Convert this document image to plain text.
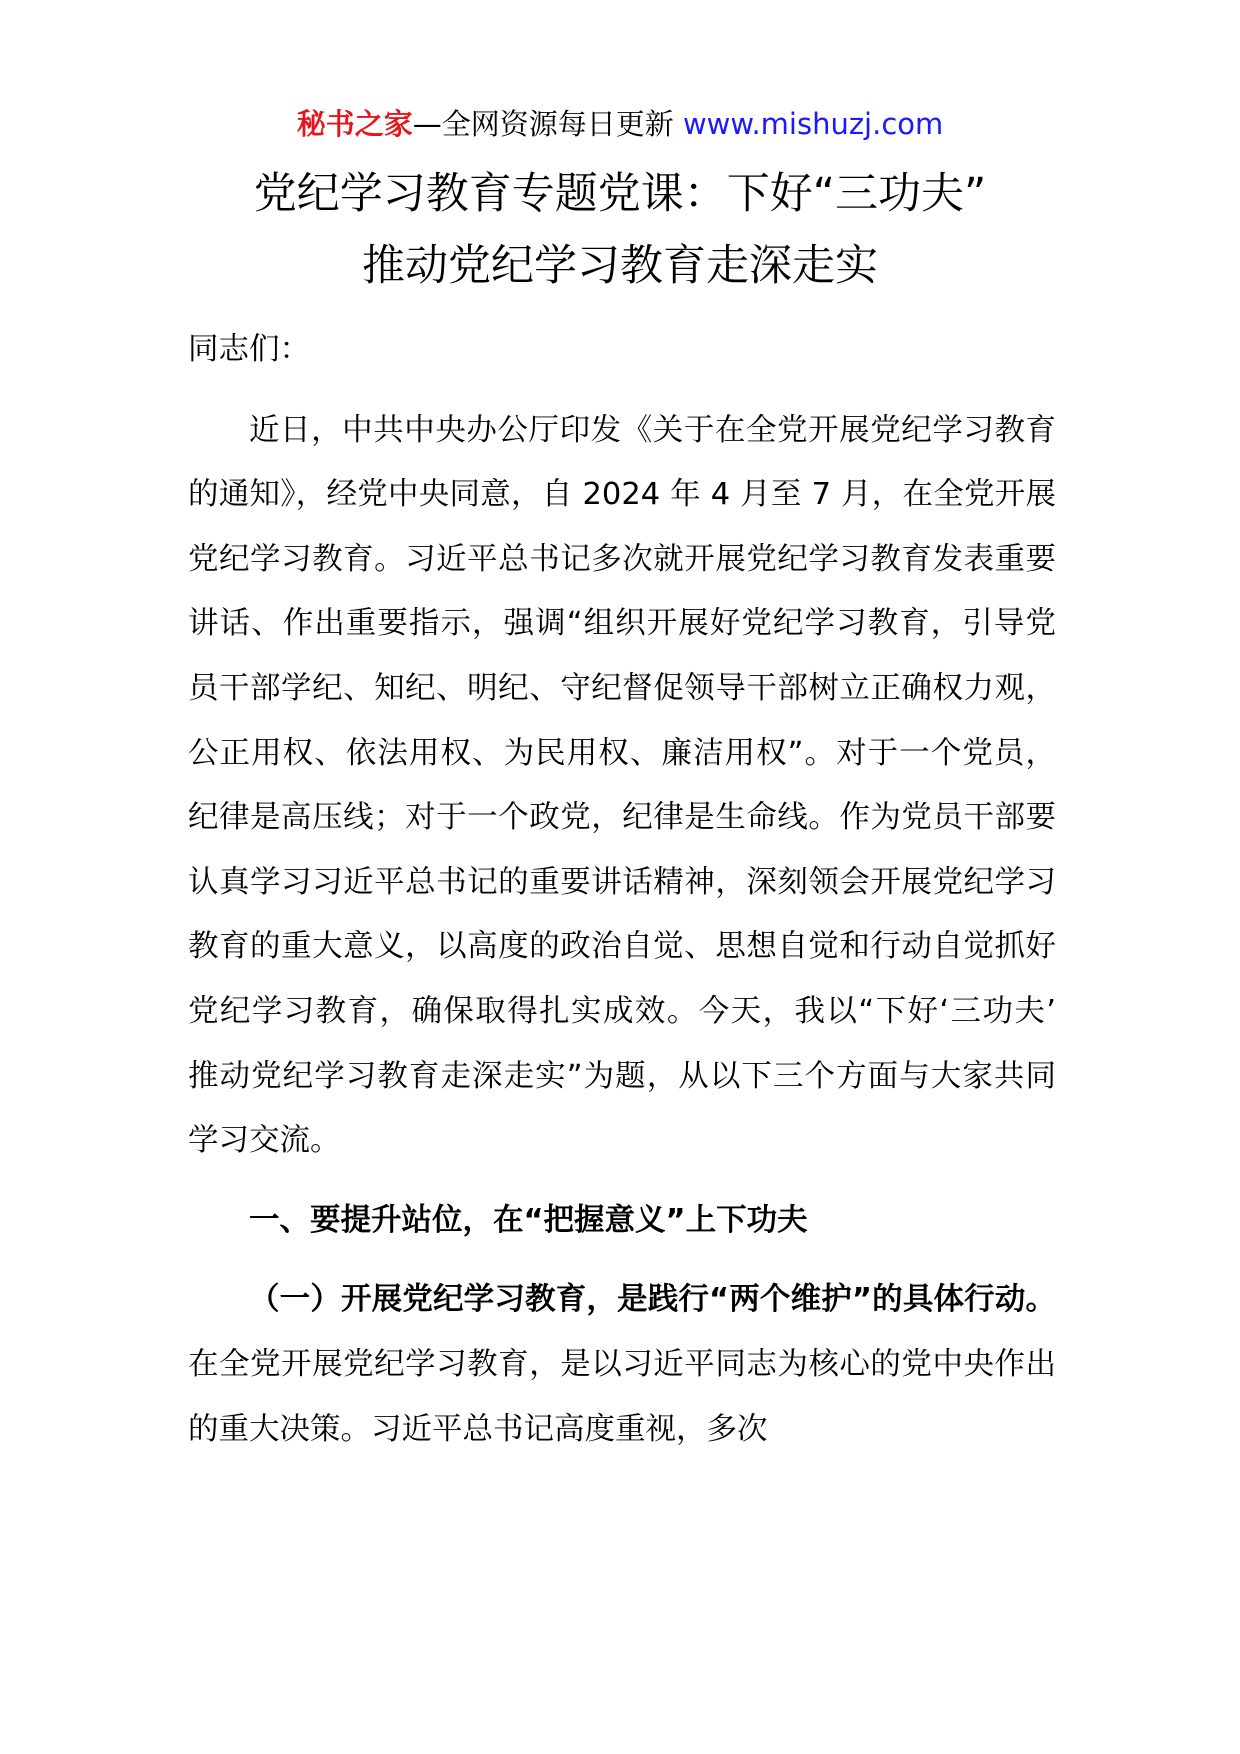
秘书之家—全网资源每日更新 www.mishuzj.com
党纪学习教育专题党课：下好“三功夫”
推动党纪学习教育走深走实

同志们：

近日，中共中央办公厅印发《关于在全党开展党纪学习教育的通知》，经党中央同意，自 2024 年 4 月至 7 月，在全党开展党纪学习教育。习近平总书记多次就开展党纪学习教育发表重要讲话、作出重要指示，强调“组织开展好党纪学习教育，引导党员干部学纪、知纪、明纪、守纪督促领导干部树立正确权力观，公正用权、依法用权、为民用权、廉洁用权”。对于一个党员，纪律是高压线；对于一个政党，纪律是生命线。作为党员干部要认真学习习近平总书记的重要讲话精神，深刻领会开展党纪学习教育的重大意义，以高度的政治自觉、思想自觉和行动自觉抓好党纪学习教育，确保取得扎实成效。今天，我以“下好‘三功夫’ 推动党纪学习教育走深走实”为题，从以下三个方面与大家共同学习交流。

一、要提升站位，在“把握意义”上下功夫

（一）开展党纪学习教育，是践行“两个维护”的具体行动。在全党开展党纪学习教育，是以习近平同志为核心的党中央作出的重大决策。习近平总书记高度重视，多次
